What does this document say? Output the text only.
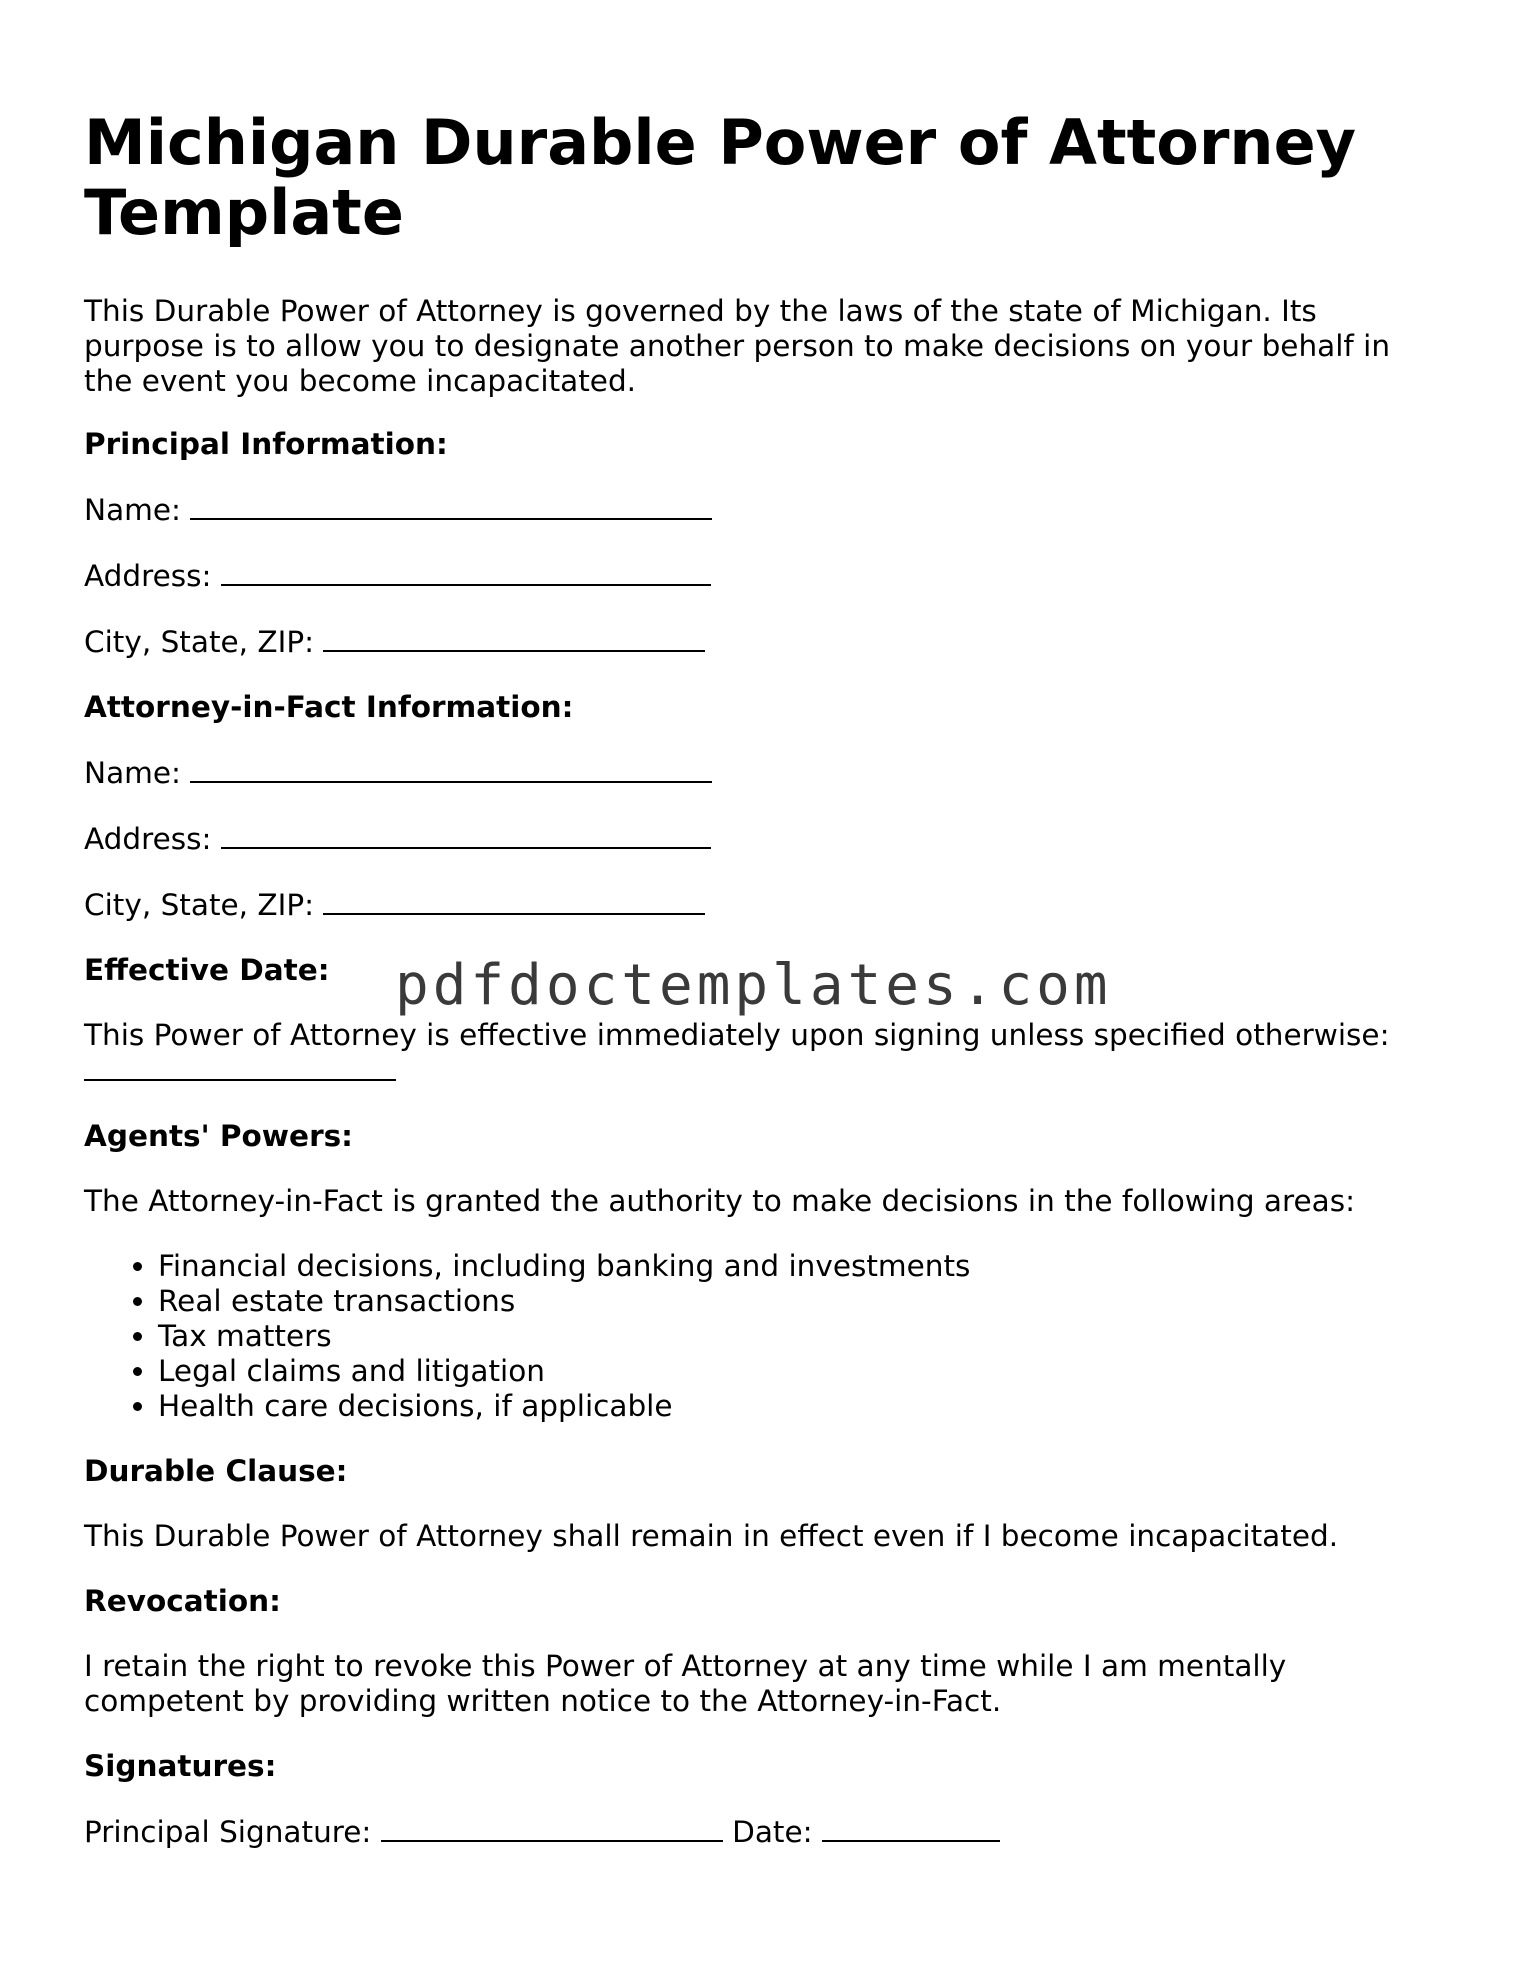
Michigan Durable Power of Attorney Template

This Durable Power of Attorney is governed by the laws of the state of Michigan. Its purpose is to allow you to designate another person to make decisions on your behalf in the event you become incapacitated.

Principal Information:

Name:

Address:

City, State, ZIP:

Attorney-in-Fact Information:

Name:

Address:

City, State, ZIP:

Effective Date:

This Power of Attorney is effective immediately upon signing unless specified otherwise:

Agents' Powers:

The Attorney-in-Fact is granted the authority to make decisions in the following areas:

• Financial decisions, including banking and investments
• Real estate transactions
• Tax matters
• Legal claims and litigation
• Health care decisions, if applicable

Durable Clause:

This Durable Power of Attorney shall remain in effect even if I become incapacitated.

Revocation:

I retain the right to revoke this Power of Attorney at any time while I am mentally competent by providing written notice to the Attorney-in-Fact.

Signatures:

Principal Signature:	Date:

pdfdoctemplates.com
